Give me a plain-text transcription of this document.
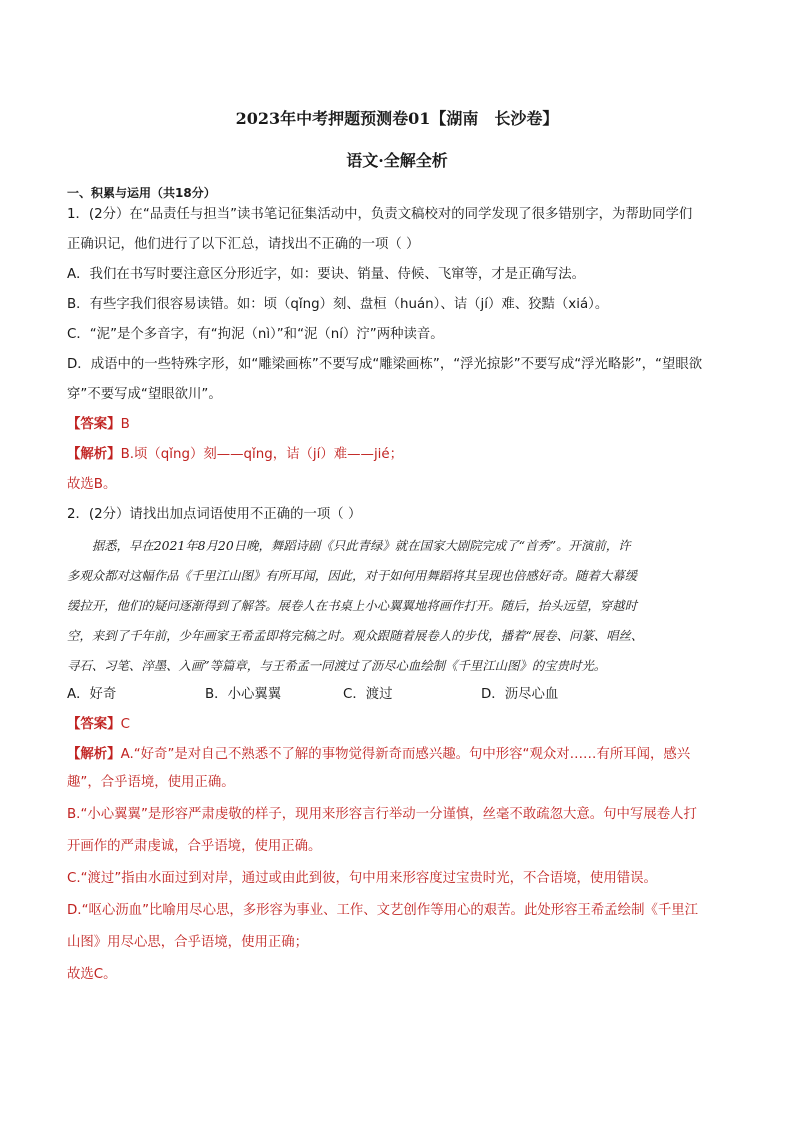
2023年中考押题预测卷01【湖南　长沙卷】
语文·全解全析
一、积累与运用（共18分）
1．(2分）在“品责任与担当”读书笔记征集活动中，负责文稿校对的同学发现了很多错别字，为帮助同学们
正确识记，他们进行了以下汇总，请找出不正确的一项（ ）
A．我们在书写时要注意区分形近字，如：要诀、销量、侍候、飞窜等，才是正确写法。
B．有些字我们很容易读错。如：顷（qǐng）刻、盘桓（huán）、诘（jí）难、狡黠（xiá）。
C．“泥”是个多音字，有“拘泥（nì）”和“泥（ní）泞”两种读音。
D．成语中的一些特殊字形，如“雕梁画栋”不要写成“雕梁画栋”，“浮光掠影”不要写成“浮光略影”，“望眼欲
穿”不要写成“望眼欲川”。
【答案】B
【解析】B.顷（qǐng）刻——qǐng，诘（jí）难——jié；
故选B。
2．(2分）请找出加点词语使用不正确的一项（ ）
　　据悉，早在2021年8月20日晚，舞蹈诗剧《只此青绿》就在国家大剧院完成了“首秀”。开演前，许
多观众都对这幅作品《千里江山图》有所耳闻，因此，对于如何用舞蹈将其呈现也倍感好奇。随着大幕缓
缓拉开，他们的疑问逐渐得到了解答。展卷人在书桌上小心翼翼地将画作打开。随后，抬头远望，穿越时
空，来到了千年前，少年画家王希孟即将完稿之时。观众跟随着展卷人的步伐，播着“展卷、问篆、唱丝、
寻石、习笔、淬墨、入画”等篇章，与王希孟一同渡过了沥尽心血绘制《千里江山图》的宝贵时光。
A．好奇	B．小心翼翼	C．渡过	D．沥尽心血
【答案】C
【解析】A.“好奇”是对自己不熟悉不了解的事物觉得新奇而感兴趣。句中形容“观众对……有所耳闻，感兴
趣”，合乎语境，使用正确。
B.“小心翼翼”是形容严肃虔敬的样子，现用来形容言行举动一分谨慎，丝毫不敢疏忽大意。句中写展卷人打
开画作的严肃虔诚，合乎语境，使用正确。
C.“渡过”指由水面过到对岸，通过或由此到彼，句中用来形容度过宝贵时光，不合语境，使用错误。
D.“呕心沥血”比喻用尽心思，多形容为事业、工作、文艺创作等用心的艰苦。此处形容王希孟绘制《千里江
山图》用尽心思，合乎语境，使用正确；
故选C。
